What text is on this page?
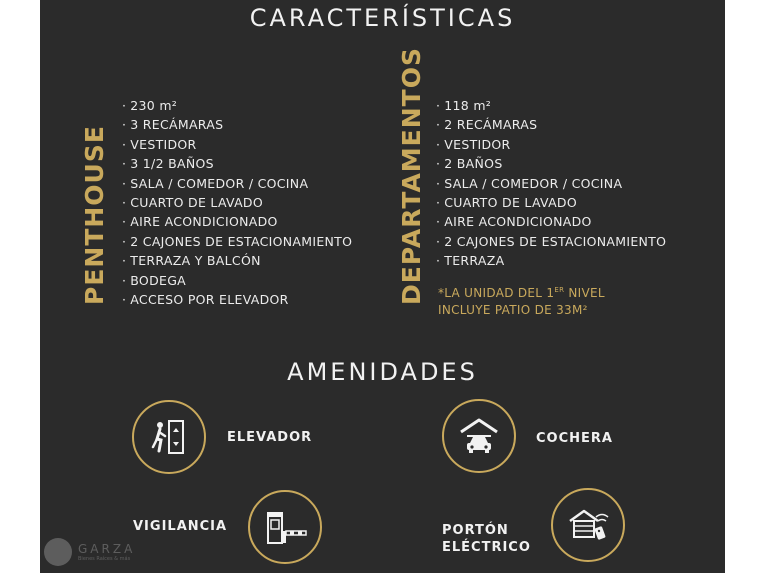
CARACTERÍSTICAS
PENTHOUSE
· 230 m²
· 3 RECÁMARAS
· VESTIDOR
· 3 1/2 BAÑOS
· SALA / COMEDOR / COCINA
· CUARTO DE LAVADO
· AIRE ACONDICIONADO
· 2 CAJONES DE ESTACIONAMIENTO
· TERRAZA Y BALCÓN
· BODEGA
· ACCESO POR ELEVADOR	DEPARTAMENTOS
·	118 m²
· 2 RECÁMARAS
· VESTIDOR
· 2 BAÑOS
· SALA / COMEDOR / COCINA
· CUARTO DE LAVADO
· AIRE ACONDICIONADO
· 2 CAJONES DE ESTACIONAMIENTO
· TERRAZA
*LA UNIDAD DEL 1ER NIVEL
INCLUYE PATIO DE 33M²
AMENIDADES
ELEVADOR	COCHERA
VIGILANCIA	PORTÓN
ELÉCTRICO
GARZA
Bienes Raíces & más
